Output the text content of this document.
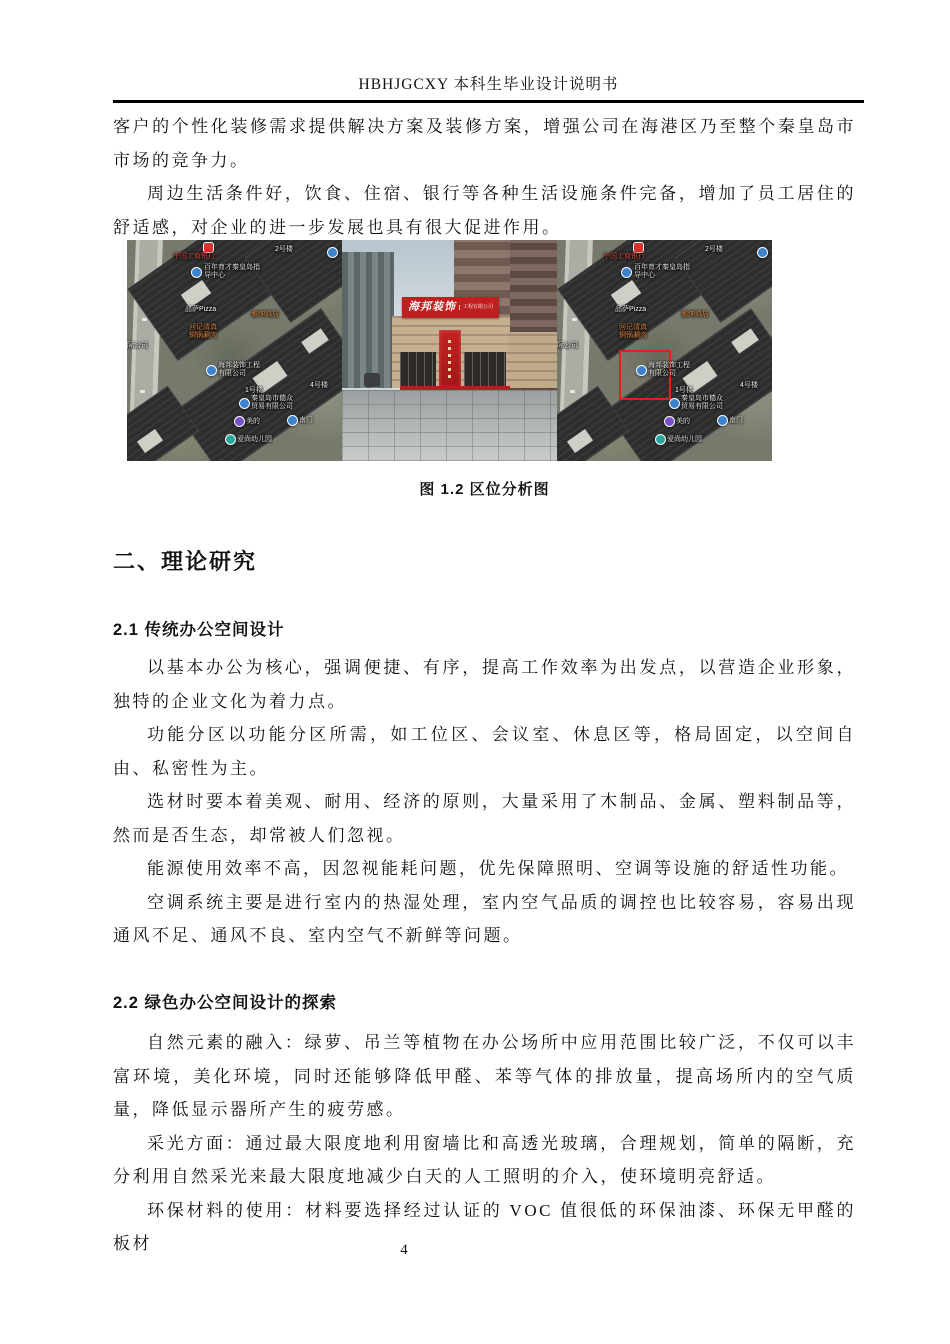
HBHJGCXY 本科生毕业设计说明书

客户的个性化装修需求提供解决方案及装修方案，增强公司在海港区乃至整个秦皇岛市市场的竞争力。

周边生活条件好，饮食、住宿、银行等各种生活设施条件完备，增加了员工居住的舒适感，对企业的进一步发展也具有很大促进作用。

中国工商银行
2号楼
百年育才秦皇岛指导中心
品萨Pizza
雅绅鸿居
回记清真铜锅涮肉
际公司
海邦装饰工程有限公司
1号楼
4号楼
秦皇岛市德众贸易有限公司
美的	南门
爱尚幼儿园
海邦装饰	工程有限公司
中国工商银行
2号楼
百年育才秦皇岛指导中心
品萨Pizza
雅绅鸿居
回记清真铜锅涮肉
际公司
海邦装饰工程有限公司
1号楼
4号楼
秦皇岛市德众贸易有限公司
美的	南门
爱尚幼儿园
图 1.2 区位分析图
二、理论研究
2.1 传统办公空间设计

以基本办公为核心，强调便捷、有序，提高工作效率为出发点，以营造企业形象，独特的企业文化为着力点。

功能分区以功能分区所需，如工位区、会议室、休息区等，格局固定，以空间自由、私密性为主。

选材时要本着美观、耐用、经济的原则，大量采用了木制品、金属、塑料制品等，然而是否生态，却常被人们忽视。

能源使用效率不高，因忽视能耗问题，优先保障照明、空调等设施的舒适性功能。

空调系统主要是进行室内的热湿处理，室内空气品质的调控也比较容易，容易出现通风不足、通风不良、室内空气不新鲜等问题。

2.2 绿色办公空间设计的探索

自然元素的融入：绿萝、吊兰等植物在办公场所中应用范围比较广泛，不仅可以丰富环境，美化环境，同时还能够降低甲醛、苯等气体的排放量，提高场所内的空气质量，降低显示器所产生的疲劳感。

采光方面：通过最大限度地利用窗墙比和高透光玻璃，合理规划，简单的隔断，充分利用自然采光来最大限度地减少白天的人工照明的介入，使环境明亮舒适。

环保材料的使用：材料要选择经过认证的 VOC 值很低的环保油漆、环保无甲醛的板材	4
